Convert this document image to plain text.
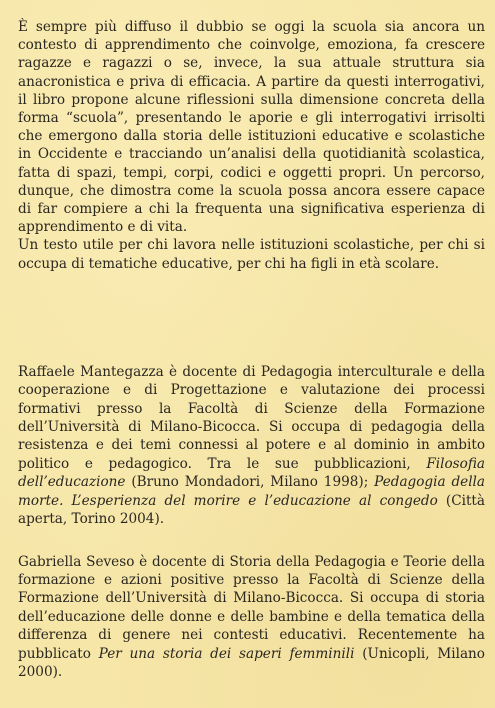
È sempre più diffuso il dubbio se oggi la scuola sia ancora un contesto di apprendimento che coinvolge, emoziona, fa crescere ragazze e ragazzi o se, invece, la sua attuale struttura sia anacronistica e priva di efficacia. A partire da questi interrogativi, il libro propone alcune riflessioni sulla dimensione concreta della forma “scuola”, presentando le aporie e gli interrogativi irrisolti che emergono dalla storia delle istituzioni educative e scolastiche in Occidente e tracciando un’analisi della quotidianità scolastica, fatta di spazi, tempi, corpi, codici e oggetti propri. Un percorso, dunque, che dimostra come la scuola possa ancora essere capace di far compiere a chi la frequenta una significativa esperienza di apprendimento e di vita.

Un testo utile per chi lavora nelle istituzioni scolastiche, per chi si occupa di tematiche educative, per chi ha figli in età scolare.

Raffaele Mantegazza è docente di Pedagogia interculturale e della cooperazione e di Progettazione e valutazione dei processi formativi presso la Facoltà di Scienze della Formazione dell’Università di Milano-Bicocca. Si occupa di pedagogia della resistenza e dei temi connessi al potere e al dominio in ambito politico e pedagogico. Tra le sue pubblicazioni, Filosofia dell’educazione (Bruno Mondadori, Milano 1998); Pedagogia della morte. L’esperienza del morire e l’educazione al congedo (Città aperta, Torino 2004).

Gabriella Seveso è docente di Storia della Pedagogia e Teorie della formazione e azioni positive presso la Facoltà di Scienze della Formazione dell’Università di Milano-Bicocca. Si occupa di storia dell’educazione delle donne e delle bambine e della tematica della differenza di genere nei contesti educativi. Recentemente ha pubblicato Per una storia dei saperi femminili (Unicopli, Milano 2000).
